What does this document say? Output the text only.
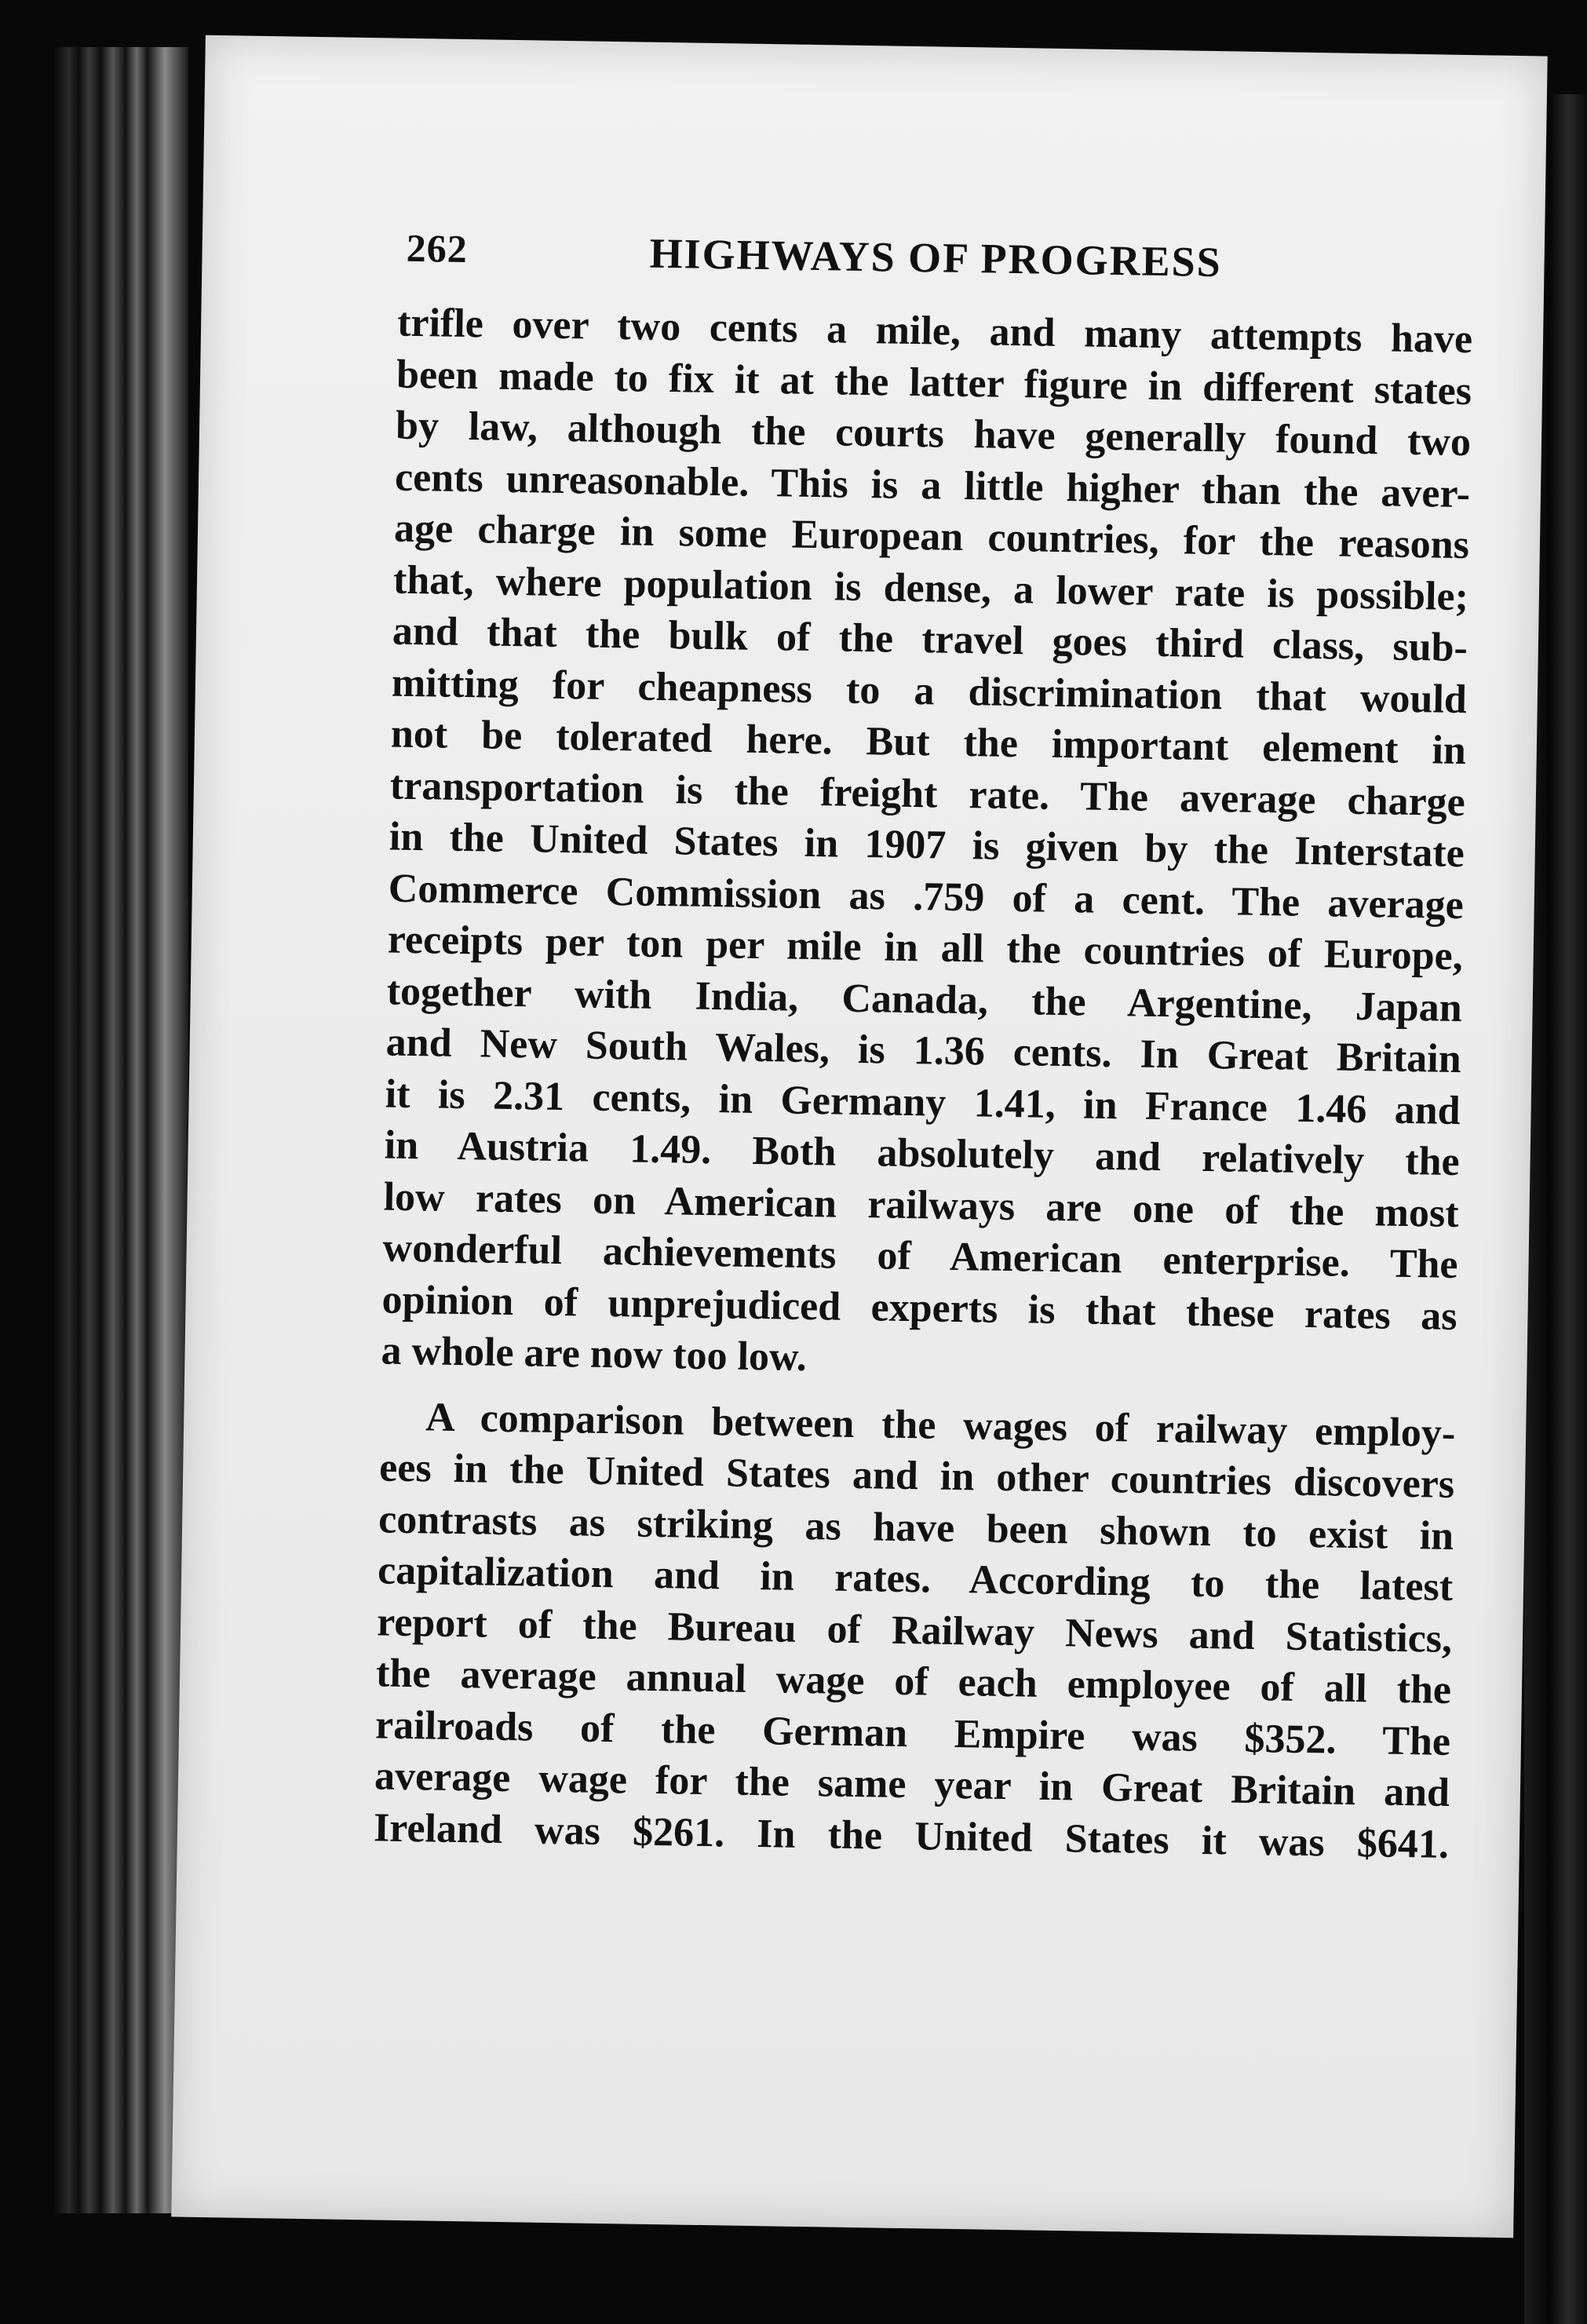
262	HIGHWAYS OF PROGRESS
trifle over two cents a mile, and many attempts have
been made to fix it at the latter figure in different states
by law, although the courts have generally found two
cents unreasonable. This is a little higher than the aver-
age charge in some European countries, for the reasons
that, where population is dense, a lower rate is possible;
and that the bulk of the travel goes third class, sub-
mitting for cheapness to a discrimination that would
not be tolerated here. But the important element in
transportation is the freight rate. The average charge
in the United States in 1907 is given by the Interstate
Commerce Commission as .759 of a cent. The average
receipts per ton per mile in all the countries of Europe,
together with India, Canada, the Argentine, Japan
and New South Wales, is 1.36 cents. In Great Britain
it is 2.31 cents, in Germany 1.41, in France 1.46 and
in Austria 1.49. Both absolutely and relatively the
low rates on American railways are one of the most
wonderful achievements of American enterprise. The
opinion of unprejudiced experts is that these rates as
a whole are now too low.
A comparison between the wages of railway employ-
ees in the United States and in other countries discovers
contrasts as striking as have been shown to exist in
capitalization and in rates. According to the latest
report of the Bureau of Railway News and Statistics,
the average annual wage of each employee of all the
railroads of the German Empire was $352. The
average wage for the same year in Great Britain and
Ireland was $261. In the United States it was $641.
